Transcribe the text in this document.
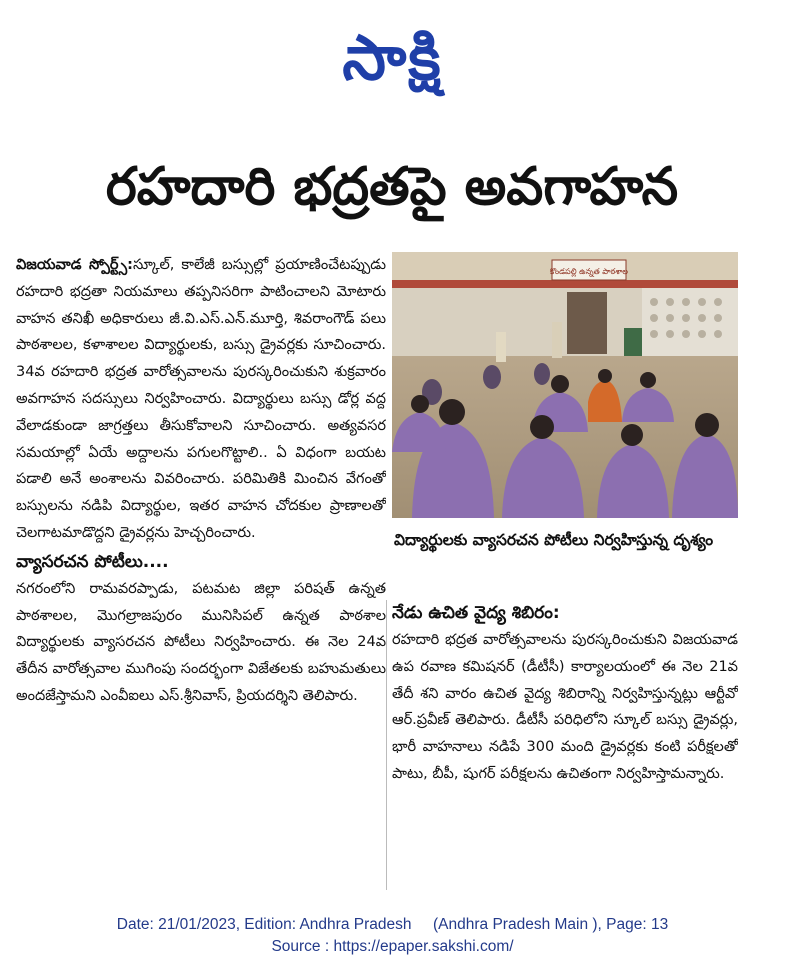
సాక్షి
రహదారి భద్రతపై అవగాహన

విజయవాడ స్పోర్ట్స్:స్కూల్, కాలేజీ బస్సుల్లో ప్రయాణించేటప్పుడు రహదారి భద్రతా నియమాలు తప్పనిసరిగా పాటించాలని మోటారు వాహన తనిఖీ అధికారులు జీ.వి.ఎస్.ఎన్.మూర్తి, శివరాంగౌడ్ పలు పాఠశాలల, కళాశాలల విద్యార్థులకు, బస్సు డ్రైవర్లకు సూచించారు. 34వ రహదారి భద్రత వారోత్సవాలను పురస్కరించుకుని శుక్రవారం అవగాహన సదస్సులు నిర్వహించారు. విద్యార్థులు బస్సు డోర్ల వద్ద వేలాడకుండా జాగ్రత్తలు తీసుకోవాలని సూచించారు. అత్యవసర సమయాల్లో ఏయే అద్దాలను పగులగొట్టాలి.. ఏ విధంగా బయట పడాలి అనే అంశాలను వివరించారు. పరిమితికి మించిన వేగంతో బస్సులను నడిపి విద్యార్థుల, ఇతర వాహన చోదకుల ప్రాణాలతో చెలగాటమాడొద్దని డ్రైవర్లను హెచ్చరించారు.

వ్యాసరచన పోటీలు....

నగరంలోని రామవరప్పాడు, పటమట జిల్లా పరిషత్ ఉన్నత పాఠశాలల, మొగల్రాజపురం మునిసిపల్ ఉన్నత పాఠశాల విద్యార్థులకు వ్యాసరచన పోటీలు నిర్వహించారు. ఈ నెల 24వ తేదీన వారోత్సవాల ముగింపు సందర్భంగా విజేతలకు బహుమతులు అందజేస్తామని ఎంవీఐలు ఎస్.శ్రీనివాస్, ప్రియదర్శిని తెలిపారు.

కొండపల్లి ఉన్నత పాఠశాల

విద్యార్థులకు వ్యాసరచన పోటీలు నిర్వహిస్తున్న దృశ్యం

నేడు ఉచిత వైద్య శిబిరం:

రహదారి భద్రత వారోత్సవాలను పురస్కరించుకుని విజయవాడ ఉప రవాణ కమిషనర్ (డీటీసీ) కార్యాలయంలో ఈ నెల 21వ తేదీ శని వారం ఉచిత వైద్య శిబిరాన్ని నిర్వహిస్తున్నట్లు ఆర్టీవో ఆర్.ప్రవీణ్ తెలిపారు. డీటీసీ పరిధిలోని స్కూల్ బస్సు డ్రైవర్లు, భారీ వాహనాలు నడిపే 300 మంది డ్రైవర్లకు కంటి పరీక్షలతో పాటు, బీపీ, షుగర్ పరీక్షలను ఉచితంగా నిర్వహిస్తామన్నారు.

Date: 21/01/2023, Edition: Andhra Pradesh     (Andhra Pradesh Main ), Page: 13
Source : https://epaper.sakshi.com/
